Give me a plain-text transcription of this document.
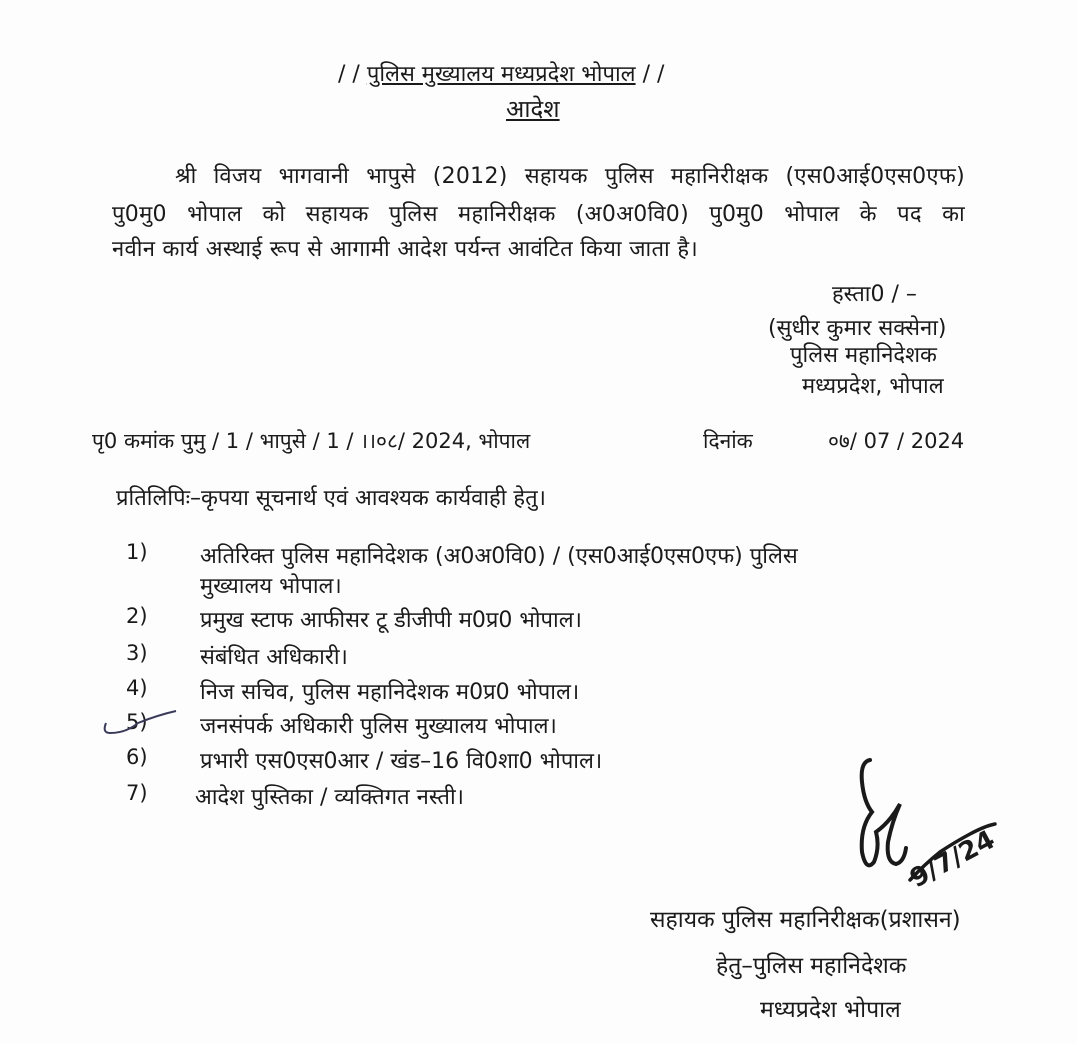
/ / पुलिस मुख्यालय मध्यप्रदेश भोपाल / /
आदेश
श्री विजय भागवानी भापुसे (2012) सहायक पुलिस महानिरीक्षक (एस0आई0एस0एफ)
पु0मु0 भोपाल को सहायक पुलिस महानिरीक्षक (अ0अ0वि0) पु0मु0 भोपाल के पद का
नवीन कार्य अस्थाई रूप से आगामी आदेश पर्यन्त आवंटित किया जाता है।
हस्ता0 / –
(सुधीर कुमार सक्सेना)
पुलिस महानिदेशक
मध्यप्रदेश, भोपाल
पृ0 कमांक पुमु / 1 / भापुसे / 1 / ।।०८/ 2024, भोपाल	दिनांक	०७/ 07 / 2024
प्रतिलिपिः–कृपया सूचनार्थ एवं आवश्यक कार्यवाही हेतु।
1) अतिरिक्त पुलिस महानिदेशक (अ0अ0वि0) / (एस0आई0एस0एफ) पुलिस
मुख्यालय भोपाल।
2) प्रमुख स्टाफ आफीसर टू डीजीपी म0प्र0 भोपाल।
3) संबंधित अधिकारी।
4) निज सचिव, पुलिस महानिदेशक म0प्र0 भोपाल।
5) जनसंपर्क अधिकारी पुलिस मुख्यालय भोपाल।
6) प्रभारी एस0एस0आर / खंड–16 वि0शा0 भोपाल।
7) आदेश पुस्तिका / व्यक्तिगत नस्ती।
9/7/24
सहायक पुलिस महानिरीक्षक(प्रशासन)
हेतु–पुलिस महानिदेशक
मध्यप्रदेश भोपाल
